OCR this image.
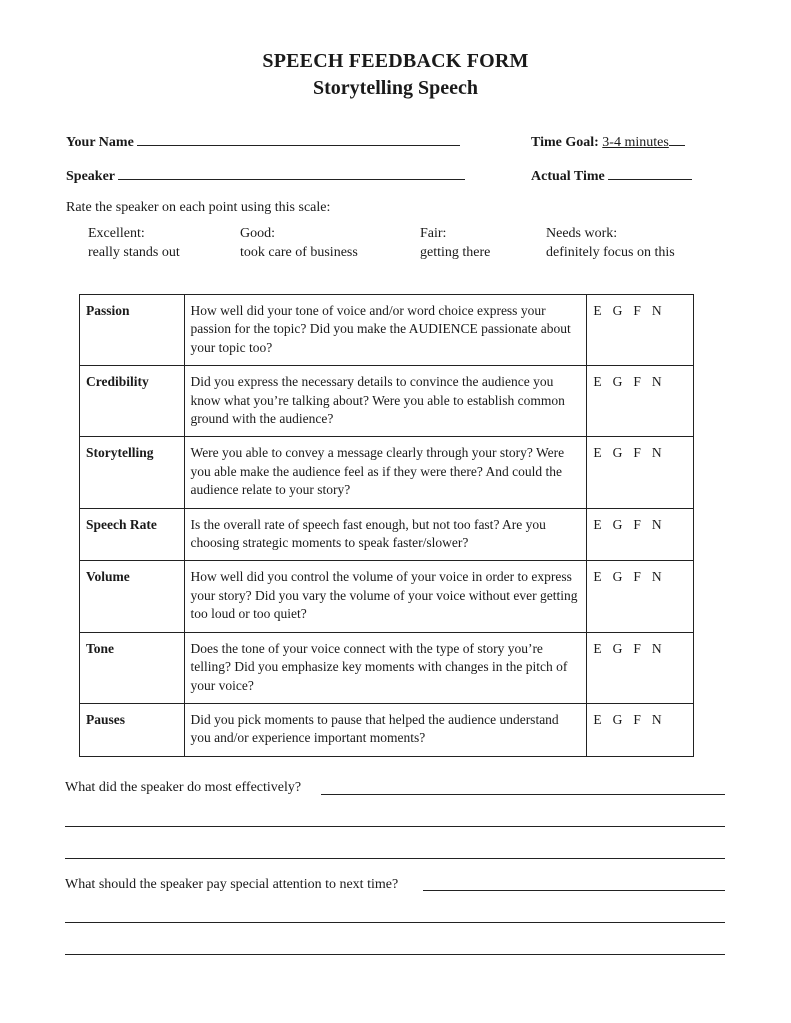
SPEECH FEEDBACK FORM
Storytelling Speech
Your Name	Time Goal: 3-4 minutes
Speaker	Actual Time
Rate the speaker on each point using this scale:
Excellent:
really stands out
Good:
took care of business
Fair:
getting there
Needs work:
definitely focus on this
Passion	How well did your tone of voice and/or word choice express your passion for the topic? Did you make the AUDIENCE passionate about your topic too?	E G F N
Credibility	Did you express the necessary details to convince the audience you know what you’re talking about? Were you able to establish common ground with the audience?	E G F N
Storytelling	Were you able to convey a message clearly through your story? Were you able make the audience feel as if they were there? And could the audience relate to your story?	E G F N
Speech Rate	Is the overall rate of speech fast enough, but not too fast? Are you choosing strategic moments to speak faster/slower?	E G F N
Volume	How well did you control the volume of your voice in order to express your story? Did you vary the volume of your voice without ever getting too loud or too quiet?	E G F N
Tone	Does the tone of your voice connect with the type of story you’re telling? Did you emphasize key moments with changes in the pitch of your voice?	E G F N
Pauses	Did you pick moments to pause that helped the audience understand you and/or experience important moments?	E G F N
What did the speaker do most effectively?
What should the speaker pay special attention to next time?
